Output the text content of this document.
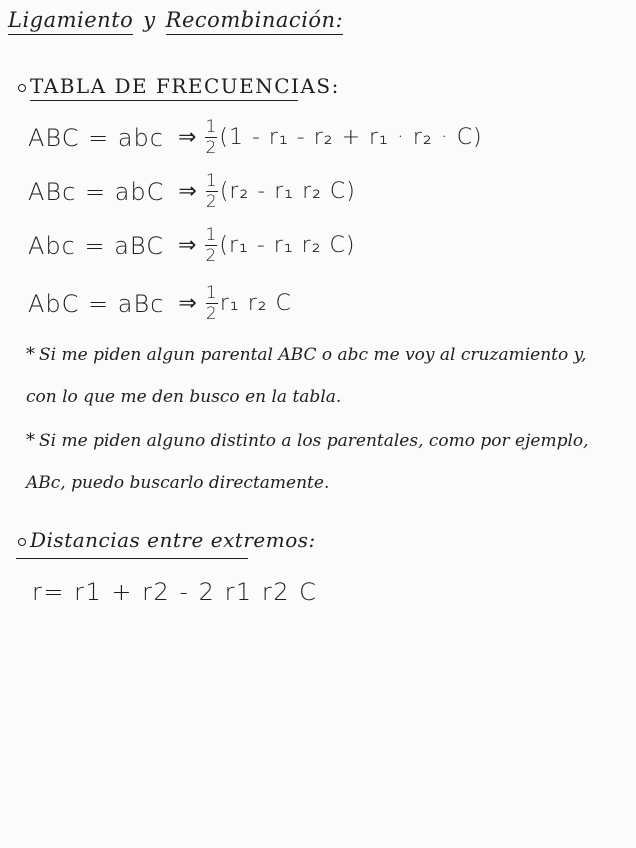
Ligamiento y Recombinación:
TABLA DE FRECUENCIAS:
ABC = abc ⇒ $\frac{1}{2} (1 - r_1 - r_2 + r_1 \cdot r_2 \cdot C)$
ABc = abC ⇒ $\frac{1}{2} (r_2 - r_1$ r₂ C)
Abc = aBC ⇒ $\frac{1}{2} (r_1 - r_1$ r₂ C)
AbC = aBc ⇒ $\frac{1}{2} r_1$ r₂ C
* Si me piden algun parental ABC o abc me voy al cruzamiento y, con lo que me den busco en la tabla.
* Si me piden alguno distinto a los parentales, como por ejemplo, ABc, puedo buscarlo directamente.
Distancias entre extremos:
r= r1 + r2 - 2 r1 r2 C
